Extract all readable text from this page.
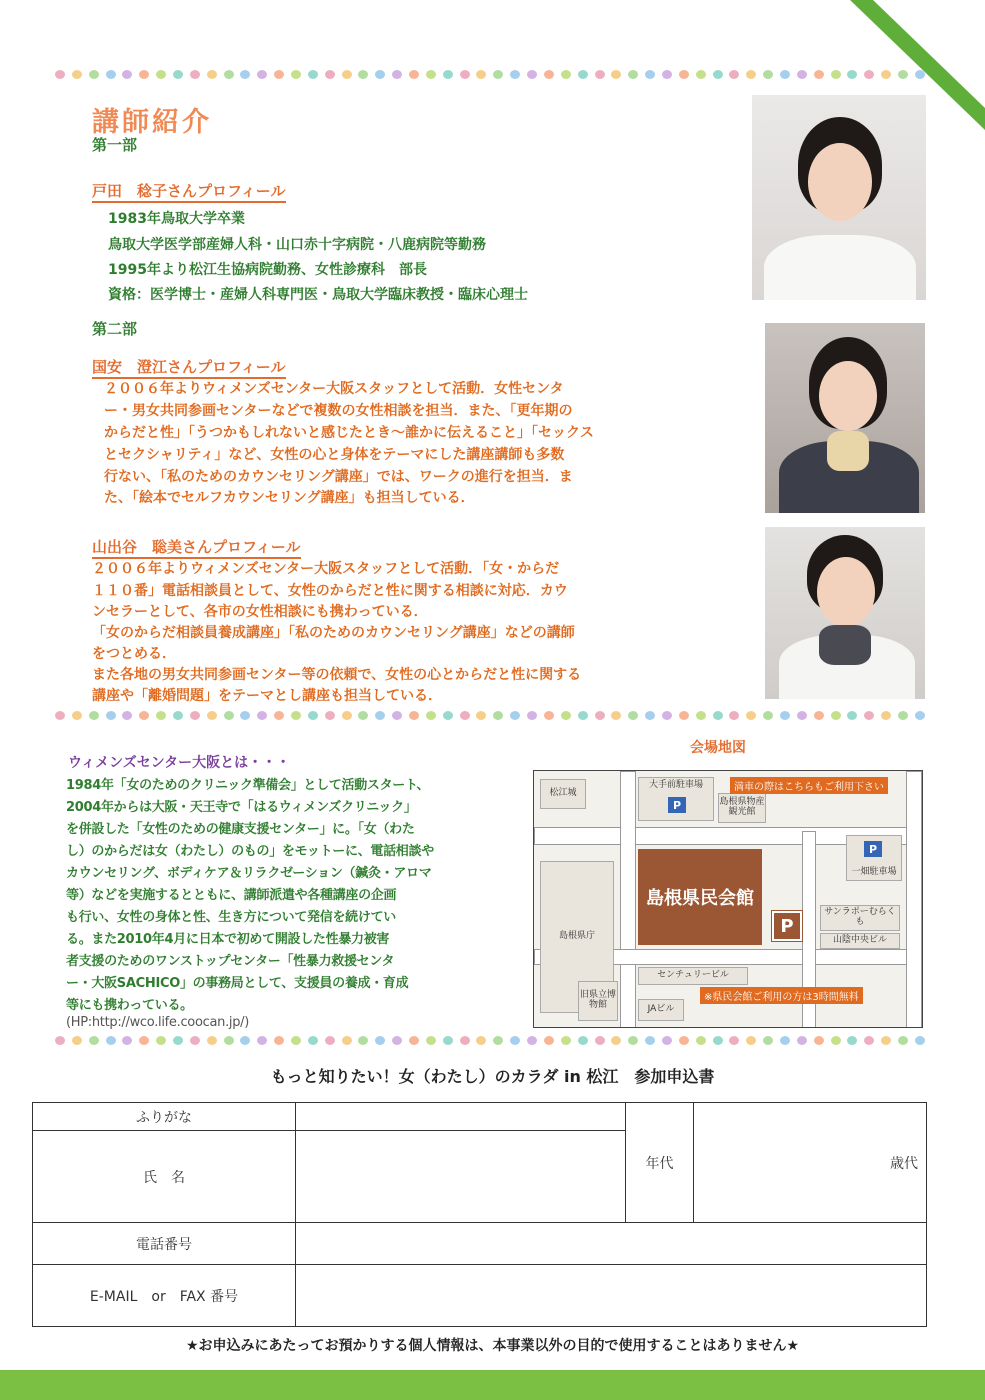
講師紹介
第一部
戸田　稔子さんプロフィール
1983年鳥取大学卒業
鳥取大学医学部産婦人科・山口赤十字病院・八鹿病院等勤務
1995年より松江生協病院勤務、女性診療科　部長
資格：医学博士・産婦人科専門医・鳥取大学臨床教授・臨床心理士
第二部
国安　澄江さんプロフィール
２００６年よりウィメンズセンター大阪スタッフとして活動．女性センタ
ー・男女共同参画センターなどで複数の女性相談を担当．また、「更年期の
からだと性」「うつかもしれないと感じたとき～誰かに伝えること」「セックス
とセクシャリティ」など、女性の心と身体をテーマにした講座講師も多数
行ない、「私のためのカウンセリング講座」では、ワークの進行を担当．ま
た、「絵本でセルフカウンセリング講座」も担当している．
山出谷　聡美さんプロフィール
２００６年よりウィメンズセンター大阪スタッフとして活動．「女・からだ
１１０番」電話相談員として、女性のからだと性に関する相談に対応．カウ
ンセラーとして、各市の女性相談にも携わっている．
「女のからだ相談員養成講座」「私のためのカウンセリング講座」などの講師
をつとめる．
また各地の男女共同参画センター等の依頼で、女性の心とからだと性に関する
講座や「離婚問題」をテーマとし講座も担当している．
ウィメンズセンター大阪とは・・・
1984年「女のためのクリニック準備会」として活動スタート、
2004年からは大阪・天王寺で「はるウィメンズクリニック」
を併設した「女性のための健康支援センター」に。「女（わた
し）のからだは女（わたし）のもの」をモットーに、電話相談や
カウンセリング、ボディケア＆リラクゼーション（鍼灸・アロマ
等）などを実施するとともに、講師派遣や各種講座の企画
も行い、女性の身体と性、生き方について発信を続けてい
る。また2010年4月に日本で初めて開設した性暴力被害
者支援のためのワンストップセンター「性暴力救援センタ
ー・大阪SACHICO」の事務局として、支援員の養成・育成
等にも携わっている。
(HP:http://wco.life.coocan.jp/)
会場地図
松江城
大手前駐車場
P	島根県物産観光館
満車の際はこちらもご利用下さい
島根県民会館
島根県庁
一畑駐車場
P
P
サンラポーむらくも
山陰中央ビル
センチュリービル
旧県立博物館	JAビル
※県民会館ご利用の方は3時間無料
もっと知りたい！女（わたし）のカラダ in 松江　参加申込書
ふりがな		年代	歳代
氏　名			
電話番号			
E-MAIL　or　FAX 番号			
★お申込みにあたってお預かりする個人情報は、本事業以外の目的で使用することはありません★
